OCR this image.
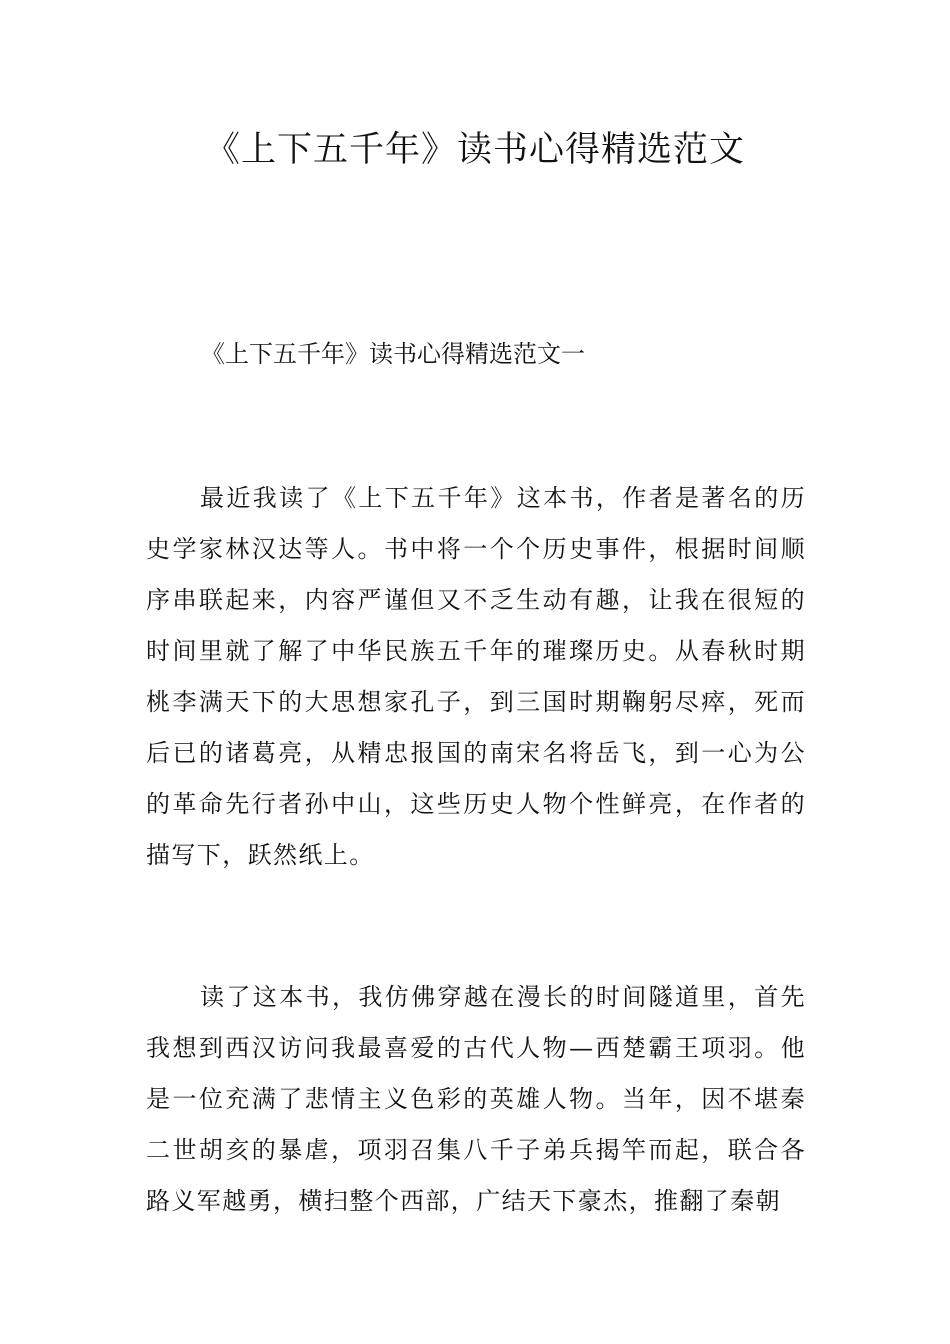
《上下五千年》读书心得精选范文
《上下五千年》读书心得精选范文一

最近我读了《上下五千年》这本书，作者是著名的历史学家林汉达等人。书中将一个个历史事件，根据时间顺序串联起来，内容严谨但又不乏生动有趣，让我在很短的时间里就了解了中华民族五千年的璀璨历史。从春秋时期桃李满天下的大思想家孔子，到三国时期鞠躬尽瘁，死而后已的诸葛亮，从精忠报国的南宋名将岳飞，到一心为公的革命先行者孙中山，这些历史人物个性鲜亮，在作者的描写下，跃然纸上。

读了这本书，我仿佛穿越在漫长的时间隧道里，首先我想到西汉访问我最喜爱的古代人物—西楚霸王项羽。他是一位充满了悲情主义色彩的英雄人物。当年，因不堪秦二世胡亥的暴虐，项羽召集八千子弟兵揭竿而起，联合各路义军越勇，横扫整个西部，广结天下豪杰，推翻了秦朝
